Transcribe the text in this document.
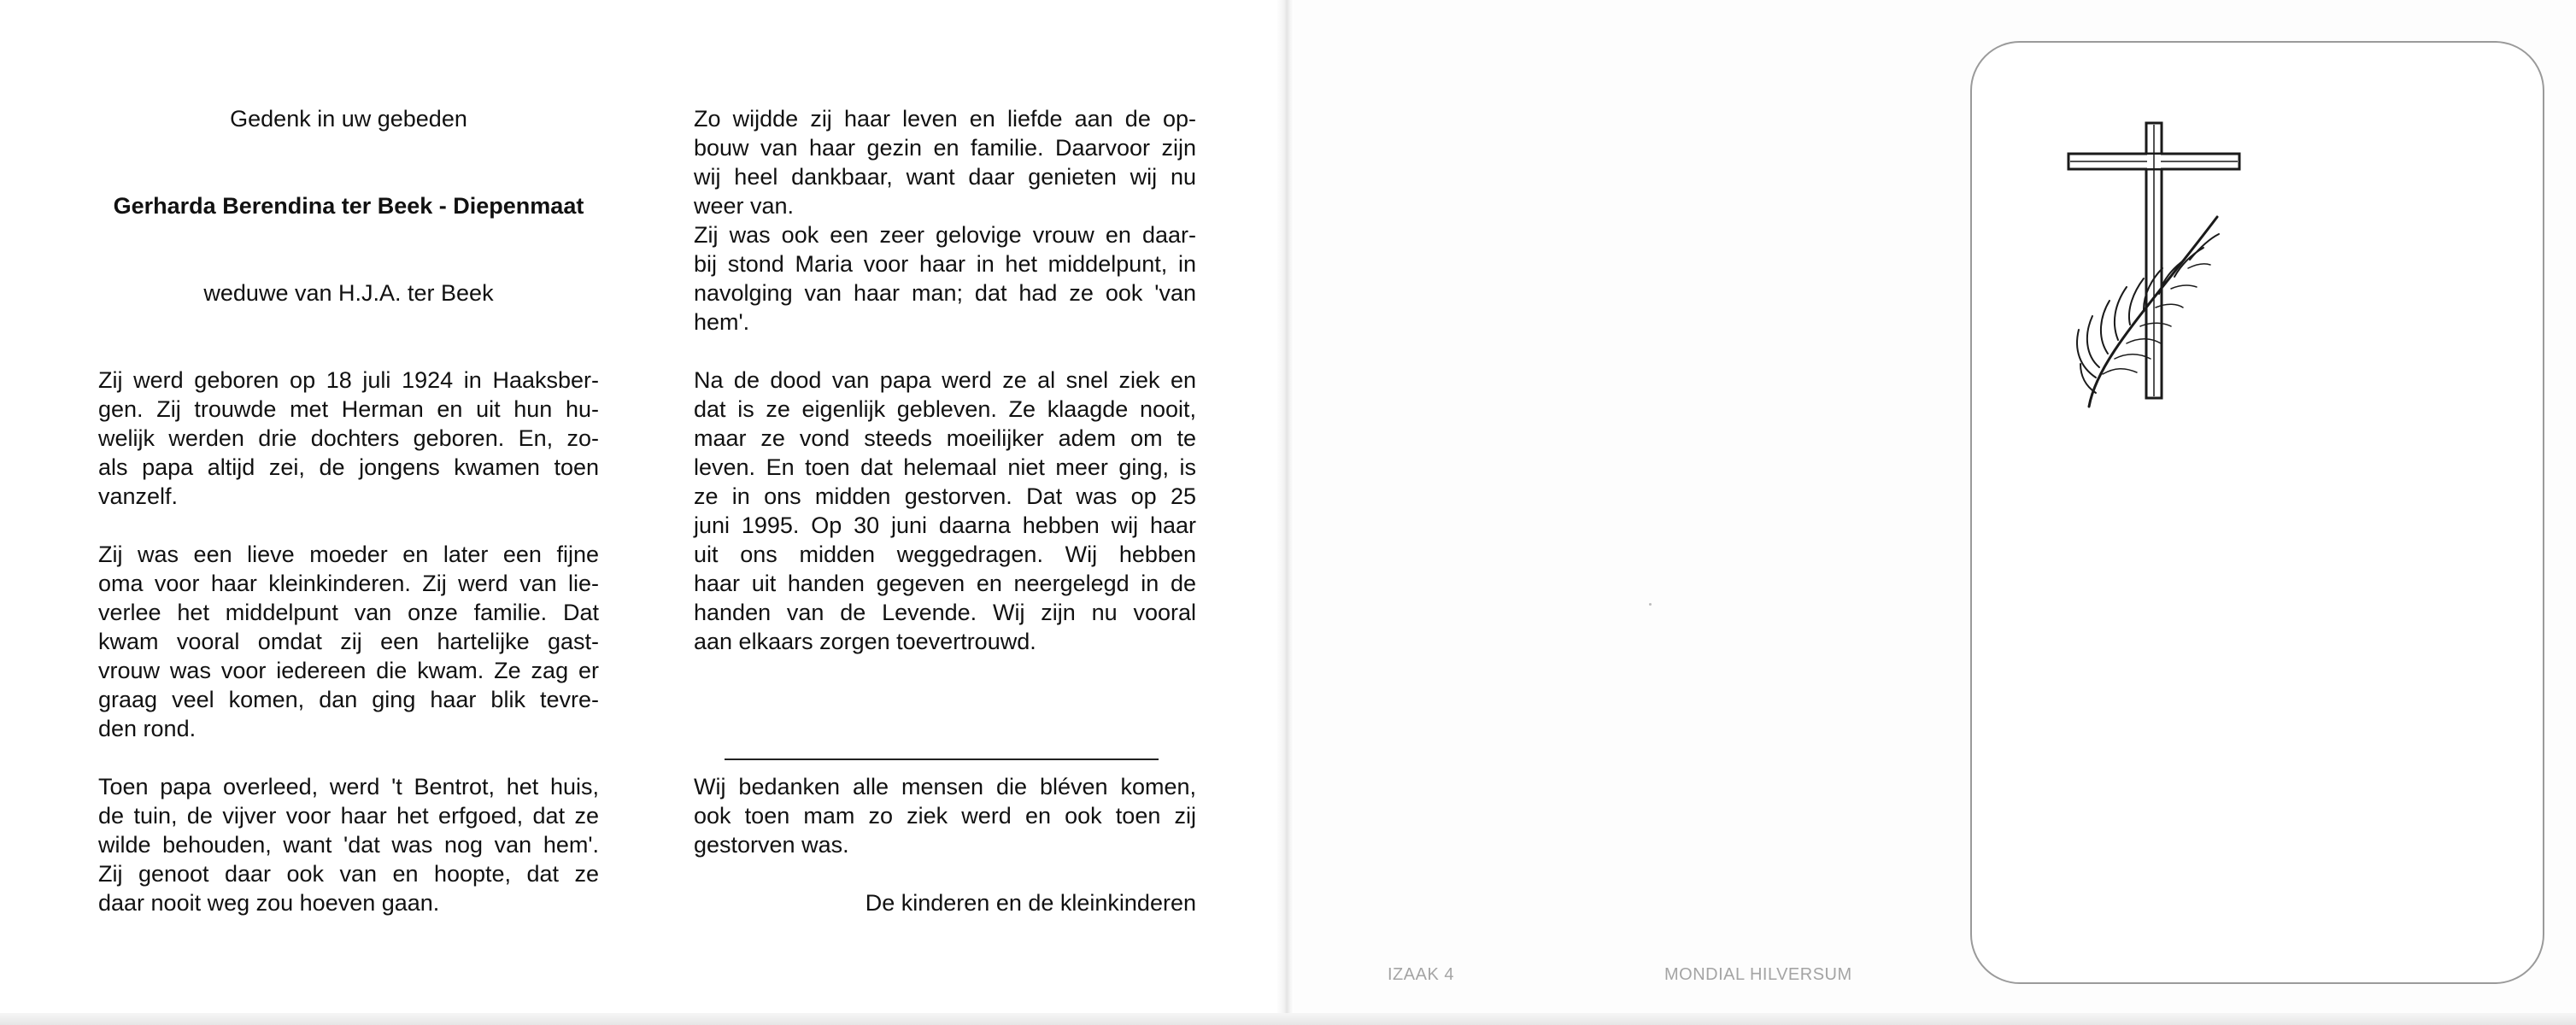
Gedenk in uw gebeden

Gerharda Berendina ter Beek - Diepenmaat

weduwe van H.J.A. ter Beek

Zij werd geboren op 18 juli 1924 in Haaksber-

gen. Zij trouwde met Herman en uit hun hu-

welijk werden drie dochters geboren. En, zo-

als papa altijd zei, de jongens kwamen toen

vanzelf.

Zij was een lieve moeder en later een fijne

oma voor haar kleinkinderen. Zij werd van lie-

verlee het middelpunt van onze familie. Dat

kwam vooral omdat zij een hartelijke gast-

vrouw was voor iedereen die kwam. Ze zag er

graag veel komen, dan ging haar blik tevre-

den rond.

Toen papa overleed, werd 't Bentrot, het huis,

de tuin, de vijver voor haar het erfgoed, dat ze

wilde behouden, want 'dat was nog van hem'.

Zij genoot daar ook van en hoopte, dat ze

daar nooit weg zou hoeven gaan.

Zo wijdde zij haar leven en liefde aan de op-

bouw van haar gezin en familie. Daarvoor zijn

wij heel dankbaar, want daar genieten wij nu

weer van.

Zij was ook een zeer gelovige vrouw en daar-

bij stond Maria voor haar in het middelpunt, in

navolging van haar man; dat had ze ook 'van

hem'.

Na de dood van papa werd ze al snel ziek en

dat is ze eigenlijk gebleven. Ze klaagde nooit,

maar ze vond steeds moeilijker adem om te

leven. En toen dat helemaal niet meer ging, is

ze in ons midden gestorven. Dat was op 25

juni 1995. Op 30 juni daarna hebben wij haar

uit ons midden weggedragen. Wij hebben

haar uit handen gegeven en neergelegd in de

handen van de Levende. Wij zijn nu vooral

aan elkaars zorgen toevertrouwd.

Wij bedanken alle mensen die bléven komen,

ook toen mam zo ziek werd en ook toen zij

gestorven was.

De kinderen en de kleinkinderen

IZAAK 4	MONDIAL HILVERSUM
